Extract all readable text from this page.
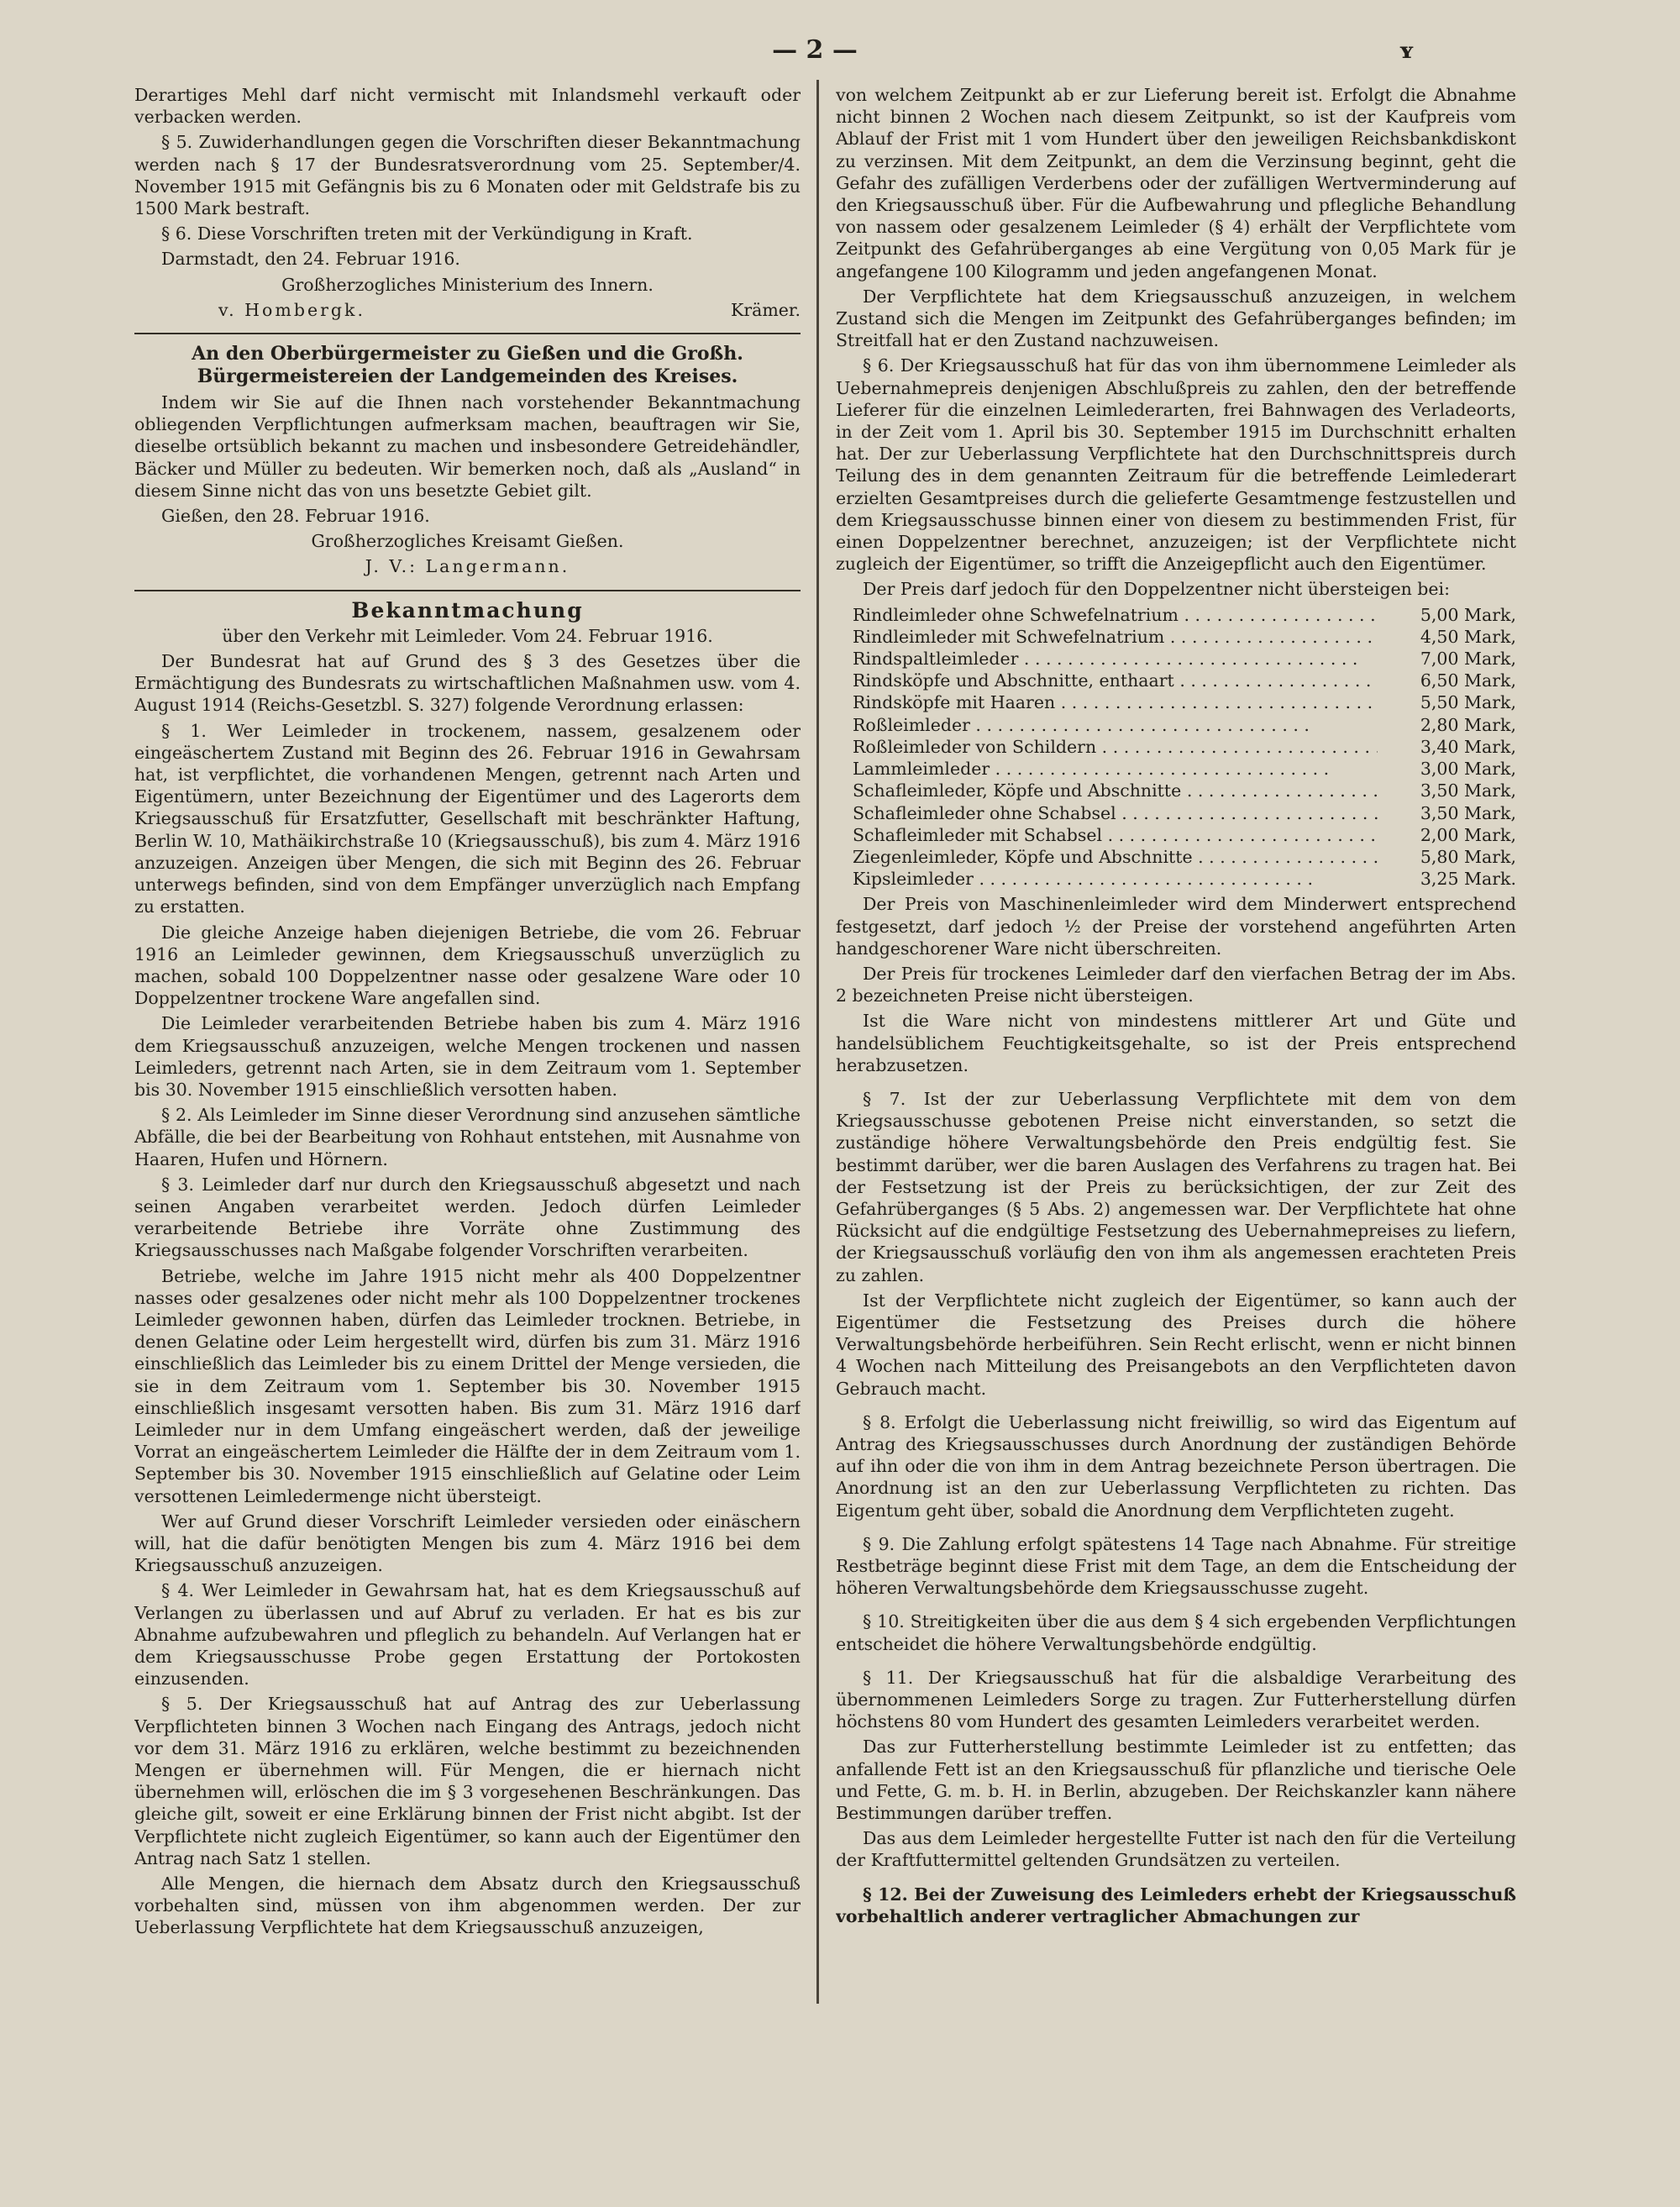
— 2 —	ʏ

Derartiges Mehl darf nicht vermischt mit Inlandsmehl verkauft oder verbacken werden.

§ 5. Zuwiderhandlungen gegen die Vorschriften dieser Bekanntmachung werden nach § 17 der Bundesratsverordnung vom 25. September/4. November 1915 mit Gefängnis bis zu 6 Monaten oder mit Geldstrafe bis zu 1500 Mark bestraft.

§ 6. Diese Vorschriften treten mit der Verkündigung in Kraft.

Darmstadt, den 24. Februar 1916.

Großherzogliches Ministerium des Innern.

v. Hombergk.	Krämer.

An den Oberbürgermeister zu Gießen und die Großh. Bürgermeistereien der Landgemeinden des Kreises.

Indem wir Sie auf die Ihnen nach vorstehender Bekanntmachung obliegenden Verpflichtungen aufmerksam machen, beauftragen wir Sie, dieselbe ortsüblich bekannt zu machen und insbesondere Getreidehändler, Bäcker und Müller zu bedeuten. Wir bemerken noch, daß als „Ausland“ in diesem Sinne nicht das von uns besetzte Gebiet gilt.

Gießen, den 28. Februar 1916.

Großherzogliches Kreisamt Gießen.

J. V.: Langermann.

Bekanntmachung

über den Verkehr mit Leimleder. Vom 24. Februar 1916.

Der Bundesrat hat auf Grund des § 3 des Gesetzes über die Ermächtigung des Bundesrats zu wirtschaftlichen Maßnahmen usw. vom 4. August 1914 (Reichs-Gesetzbl. S. 327) folgende Verordnung erlassen:

§ 1. Wer Leimleder in trockenem, nassem, gesalzenem oder eingeäschertem Zustand mit Beginn des 26. Februar 1916 in Gewahrsam hat, ist verpflichtet, die vorhandenen Mengen, getrennt nach Arten und Eigentümern, unter Bezeichnung der Eigentümer und des Lagerorts dem Kriegsausschuß für Ersatzfutter, Gesellschaft mit beschränkter Haftung, Berlin W. 10, Mathäikirchstraße 10 (Kriegsausschuß), bis zum 4. März 1916 anzuzeigen. Anzeigen über Mengen, die sich mit Beginn des 26. Februar unterwegs befinden, sind von dem Empfänger unverzüglich nach Empfang zu erstatten.

Die gleiche Anzeige haben diejenigen Betriebe, die vom 26. Februar 1916 an Leimleder gewinnen, dem Kriegsausschuß unverzüglich zu machen, sobald 100 Doppelzentner nasse oder gesalzene Ware oder 10 Doppelzentner trockene Ware angefallen sind.

Die Leimleder verarbeitenden Betriebe haben bis zum 4. März 1916 dem Kriegsausschuß anzuzeigen, welche Mengen trockenen und nassen Leimleders, getrennt nach Arten, sie in dem Zeitraum vom 1. September bis 30. November 1915 einschließlich versotten haben.

§ 2. Als Leimleder im Sinne dieser Verordnung sind anzusehen sämtliche Abfälle, die bei der Bearbeitung von Rohhaut entstehen, mit Ausnahme von Haaren, Hufen und Hörnern.

§ 3. Leimleder darf nur durch den Kriegsausschuß abgesetzt und nach seinen Angaben verarbeitet werden. Jedoch dürfen Leimleder verarbeitende Betriebe ihre Vorräte ohne Zustimmung des Kriegsausschusses nach Maßgabe folgender Vorschriften verarbeiten.

Betriebe, welche im Jahre 1915 nicht mehr als 400 Doppelzentner nasses oder gesalzenes oder nicht mehr als 100 Doppelzentner trockenes Leimleder gewonnen haben, dürfen das Leimleder trocknen. Betriebe, in denen Gelatine oder Leim hergestellt wird, dürfen bis zum 31. März 1916 einschließlich das Leimleder bis zu einem Drittel der Menge versieden, die sie in dem Zeitraum vom 1. September bis 30. November 1915 einschließlich insgesamt versotten haben. Bis zum 31. März 1916 darf Leimleder nur in dem Umfang eingeäschert werden, daß der jeweilige Vorrat an eingeäschertem Leimleder die Hälfte der in dem Zeitraum vom 1. September bis 30. November 1915 einschließlich auf Gelatine oder Leim versottenen Leimledermenge nicht übersteigt.

Wer auf Grund dieser Vorschrift Leimleder versieden oder einäschern will, hat die dafür benötigten Mengen bis zum 4. März 1916 bei dem Kriegsausschuß anzuzeigen.

§ 4. Wer Leimleder in Gewahrsam hat, hat es dem Kriegsausschuß auf Verlangen zu überlassen und auf Abruf zu verladen. Er hat es bis zur Abnahme aufzubewahren und pfleglich zu behandeln. Auf Verlangen hat er dem Kriegsausschusse Probe gegen Erstattung der Portokosten einzusenden.

§ 5. Der Kriegsausschuß hat auf Antrag des zur Ueberlassung Verpflichteten binnen 3 Wochen nach Eingang des Antrags, jedoch nicht vor dem 31. März 1916 zu erklären, welche bestimmt zu bezeichnenden Mengen er übernehmen will. Für Mengen, die er hiernach nicht übernehmen will, erlöschen die im § 3 vorgesehenen Beschränkungen. Das gleiche gilt, soweit er eine Erklärung binnen der Frist nicht abgibt. Ist der Verpflichtete nicht zugleich Eigentümer, so kann auch der Eigentümer den Antrag nach Satz 1 stellen.

Alle Mengen, die hiernach dem Absatz durch den Kriegsausschuß vorbehalten sind, müssen von ihm abgenommen werden. Der zur Ueberlassung Verpflichtete hat dem Kriegsausschuß anzuzeigen,

von welchem Zeitpunkt ab er zur Lieferung bereit ist. Erfolgt die Abnahme nicht binnen 2 Wochen nach diesem Zeitpunkt, so ist der Kaufpreis vom Ablauf der Frist mit 1 vom Hundert über den jeweiligen Reichsbankdiskont zu verzinsen. Mit dem Zeitpunkt, an dem die Verzinsung beginnt, geht die Gefahr des zufälligen Verderbens oder der zufälligen Wertverminderung auf den Kriegsausschuß über. Für die Aufbewahrung und pflegliche Behandlung von nassem oder gesalzenem Leimleder (§ 4) erhält der Verpflichtete vom Zeitpunkt des Gefahrüberganges ab eine Vergütung von 0,05 Mark für je angefangene 100 Kilogramm und jeden angefangenen Monat.

Der Verpflichtete hat dem Kriegsausschuß anzuzeigen, in welchem Zustand sich die Mengen im Zeitpunkt des Gefahrüberganges befinden; im Streitfall hat er den Zustand nachzuweisen.

§ 6. Der Kriegsausschuß hat für das von ihm übernommene Leimleder als Uebernahmepreis denjenigen Abschlußpreis zu zahlen, den der betreffende Lieferer für die einzelnen Leimlederarten, frei Bahnwagen des Verladeorts, in der Zeit vom 1. April bis 30. September 1915 im Durchschnitt erhalten hat. Der zur Ueberlassung Verpflichtete hat den Durchschnittspreis durch Teilung des in dem genannten Zeitraum für die betreffende Leimlederart erzielten Gesamtpreises durch die gelieferte Gesamtmenge festzustellen und dem Kriegsausschusse binnen einer von diesem zu bestimmenden Frist, für einen Doppelzentner berechnet, anzuzeigen; ist der Verpflichtete nicht zugleich der Eigentümer, so trifft die Anzeigepflicht auch den Eigentümer.

Der Preis darf jedoch für den Doppelzentner nicht übersteigen bei:

Rindleimleder ohne Schwefelnatrium . . .	5,00 Mark,
Rindleimleder mit Schwefelnatrium . . .	4,50 Mark,
Rindspaltleimleder . . .	7,00 Mark,
Rindsköpfe und Abschnitte, enthaart . . .	6,50 Mark,
Rindsköpfe mit Haaren . . .	5,50 Mark,
Roßleimleder . . .	2,80 Mark,
Roßleimleder von Schildern . . .	3,40 Mark,
Lammleimleder . . .	3,00 Mark,
Schafleimleder, Köpfe und Abschnitte . . .	3,50 Mark,
Schafleimleder ohne Schabsel . . .	3,50 Mark,
Schafleimleder mit Schabsel . . .	2,00 Mark,
Ziegenleimleder, Köpfe und Abschnitte . . .	5,80 Mark,
Kipsleimleder . . .	3,25 Mark.

Der Preis von Maschinenleimleder wird dem Minderwert entsprechend festgesetzt, darf jedoch ½ der Preise der vorstehend angeführten Arten handgeschorener Ware nicht überschreiten.

Der Preis für trockenes Leimleder darf den vierfachen Betrag der im Abs. 2 bezeichneten Preise nicht übersteigen.

Ist die Ware nicht von mindestens mittlerer Art und Güte und handelsüblichem Feuchtigkeitsgehalte, so ist der Preis entsprechend herabzusetzen.

§ 7. Ist der zur Ueberlassung Verpflichtete mit dem von dem Kriegsausschusse gebotenen Preise nicht einverstanden, so setzt die zuständige höhere Verwaltungsbehörde den Preis endgültig fest. Sie bestimmt darüber, wer die baren Auslagen des Verfahrens zu tragen hat. Bei der Festsetzung ist der Preis zu berücksichtigen, der zur Zeit des Gefahrüberganges (§ 5 Abs. 2) angemessen war. Der Verpflichtete hat ohne Rücksicht auf die endgültige Festsetzung des Uebernahmepreises zu liefern, der Kriegsausschuß vorläufig den von ihm als angemessen erachteten Preis zu zahlen.

Ist der Verpflichtete nicht zugleich der Eigentümer, so kann auch der Eigentümer die Festsetzung des Preises durch die höhere Verwaltungsbehörde herbeiführen. Sein Recht erlischt, wenn er nicht binnen 4 Wochen nach Mitteilung des Preisangebots an den Verpflichteten davon Gebrauch macht.

§ 8. Erfolgt die Ueberlassung nicht freiwillig, so wird das Eigentum auf Antrag des Kriegsausschusses durch Anordnung der zuständigen Behörde auf ihn oder die von ihm in dem Antrag bezeichnete Person übertragen. Die Anordnung ist an den zur Ueberlassung Verpflichteten zu richten. Das Eigentum geht über, sobald die Anordnung dem Verpflichteten zugeht.

§ 9. Die Zahlung erfolgt spätestens 14 Tage nach Abnahme. Für streitige Restbeträge beginnt diese Frist mit dem Tage, an dem die Entscheidung der höheren Verwaltungsbehörde dem Kriegsausschusse zugeht.

§ 10. Streitigkeiten über die aus dem § 4 sich ergebenden Verpflichtungen entscheidet die höhere Verwaltungsbehörde endgültig.

§ 11. Der Kriegsausschuß hat für die alsbaldige Verarbeitung des übernommenen Leimleders Sorge zu tragen. Zur Futterherstellung dürfen höchstens 80 vom Hundert des gesamten Leimleders verarbeitet werden.

Das zur Futterherstellung bestimmte Leimleder ist zu entfetten; das anfallende Fett ist an den Kriegsausschuß für pflanzliche und tierische Oele und Fette, G. m. b. H. in Berlin, abzugeben. Der Reichskanzler kann nähere Bestimmungen darüber treffen.

Das aus dem Leimleder hergestellte Futter ist nach den für die Verteilung der Kraftfuttermittel geltenden Grundsätzen zu verteilen.

§ 12. Bei der Zuweisung des Leimleders erhebt der Kriegsausschuß vorbehaltlich anderer vertraglicher Abmachungen zur
